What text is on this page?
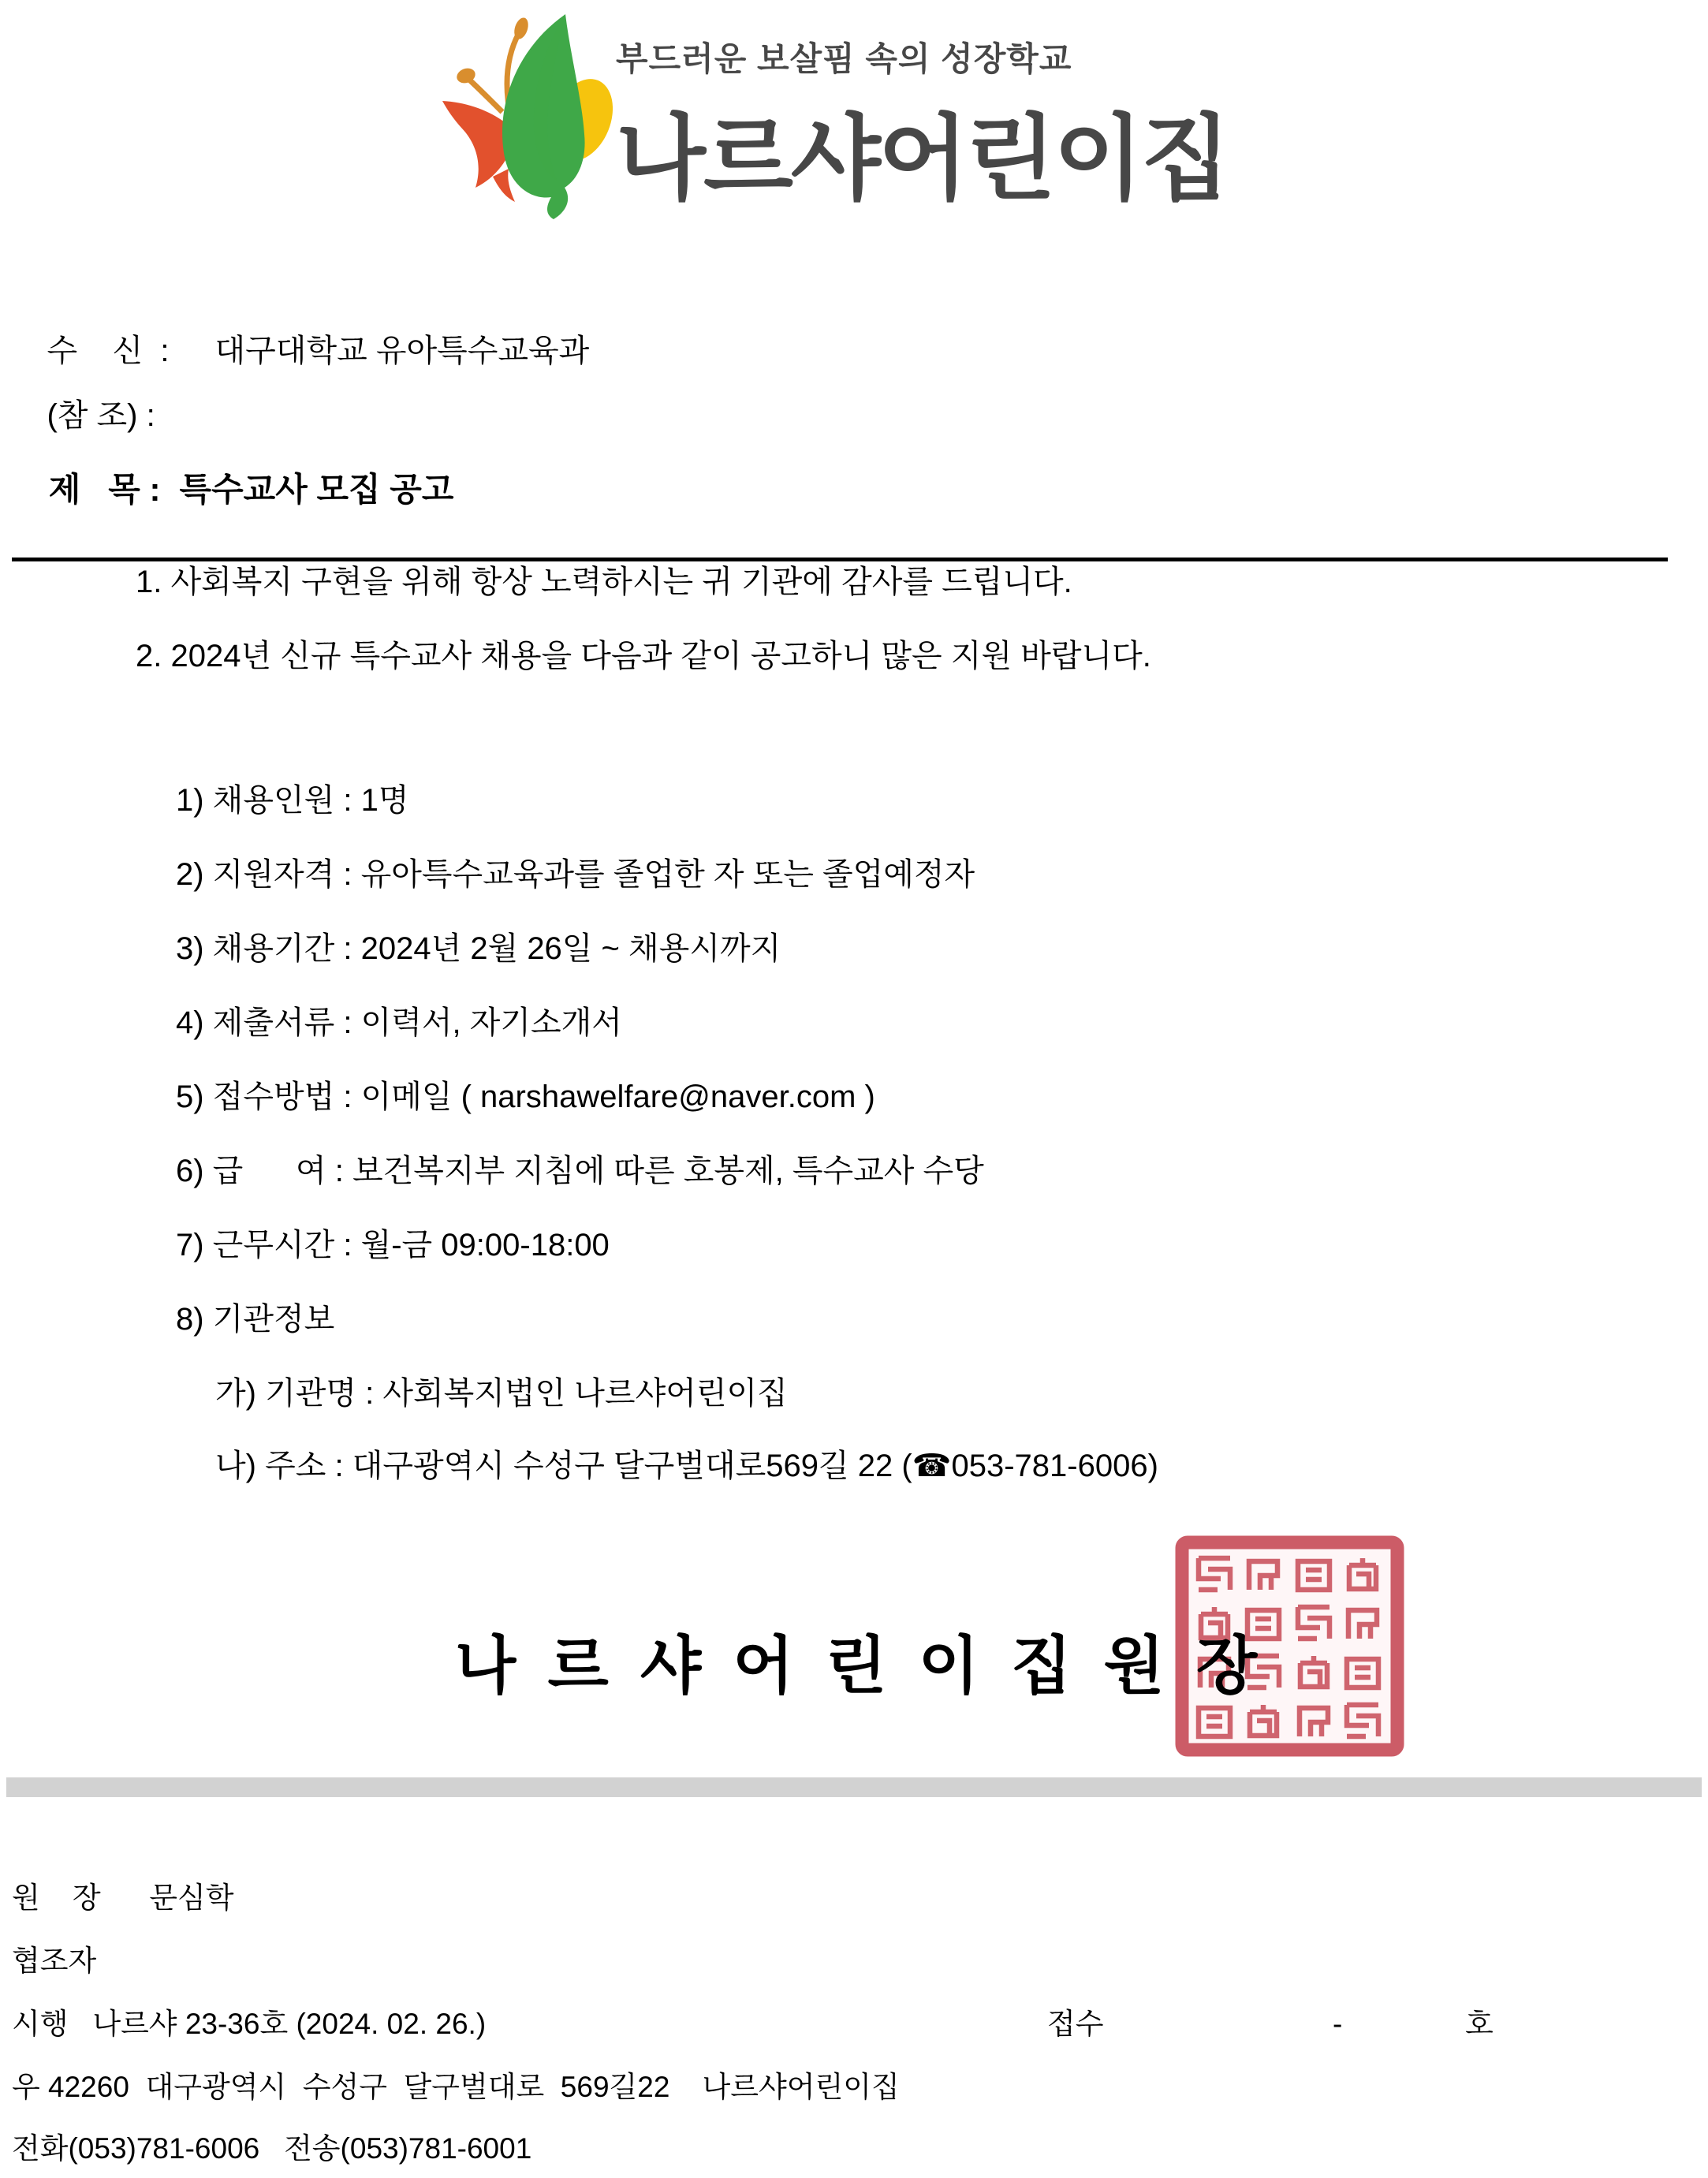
부드러운 보살핌 속의 성장학교
나르샤어린이집

수    신  : 대구대학교 유아특수교육과

(참 조) :

제   목 : 특수교사 모집 공고

1. 사회복지 구현을 위해 항상 노력하시는 귀 기관에 감사를 드립니다.
2. 2024년 신규 특수교사 채용을 다음과 같이 공고하니 많은 지원 바랍니다.
1) 채용인원 : 1명
2) 지원자격 : 유아특수교육과를 졸업한 자 또는 졸업예정자
3) 채용기간 : 2024년 2월 26일 ~ 채용시까지
4) 제출서류 : 이력서, 자기소개서
5) 접수방법 : 이메일 ( narshawelfare@naver.com )
6) 급      여 : 보건복지부 지침에 따른 호봉제, 특수교사 수당
7) 근무시간 : 월-금 09:00-18:00
8) 기관정보
가) 기관명 : 사회복지법인 나르샤어린이집
나) 주소 : 대구광역시 수성구 달구벌대로569길 22 (☎053-781-6006)
나 르 샤 어 린 이 집 원 장
원    장      문심학
협조자
시행   나르샤 23-36호 (2024. 02. 26.)	접수	-	호
우 42260  대구광역시  수성구  달구벌대로  569길22    나르샤어린이집
전화(053)781-6006   전송(053)781-6001
